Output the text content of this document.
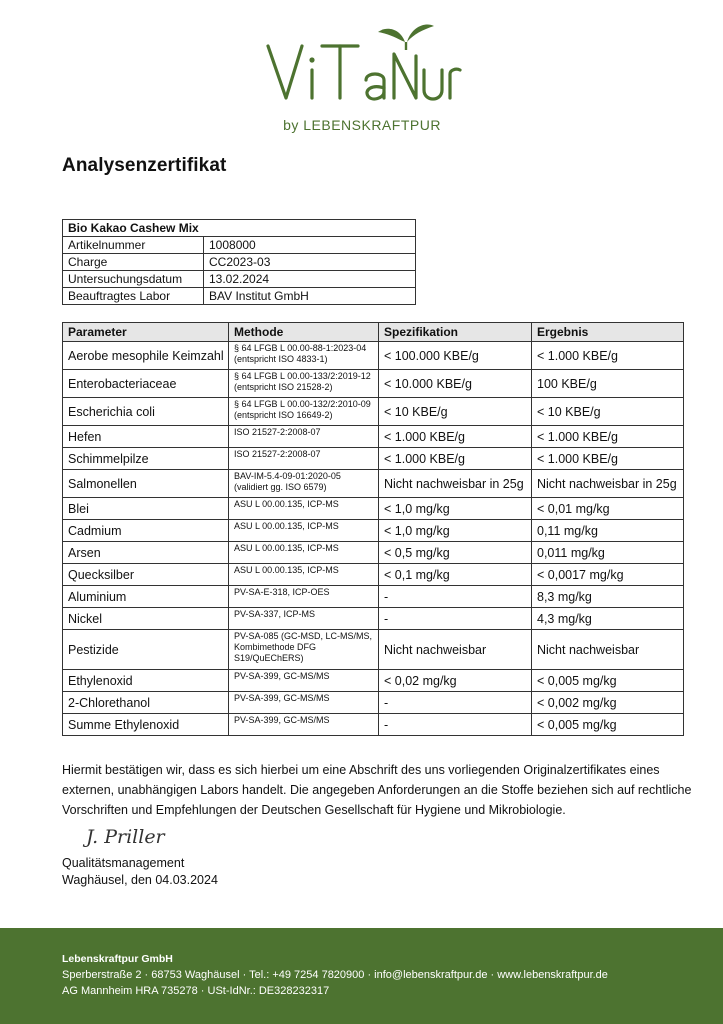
by LEBENSKRAFTPUR
Analysenzertifikat
Bio Kakao Cashew Mix	
Artikelnummer	1008000
Charge	CC2023-03
Untersuchungsdatum	13.02.2024
Beauftragtes Labor	BAV Institut GmbH
Parameter	Methode	Spezifikation	Ergebnis
Aerobe mesophile Keimzahl	§ 64 LFGB L 00.00-88-1:2023-04 (entspricht ISO 4833-1)	< 100.000 KBE/g	< 1.000 KBE/g
Enterobacteriaceae	§ 64 LFGB L 00.00-133/2:2019-12 (entspricht ISO 21528-2)	< 10.000 KBE/g	100 KBE/g
Escherichia coli	§ 64 LFGB L 00.00-132/2:2010-09 (entspricht ISO 16649-2)	< 10 KBE/g	< 10 KBE/g
Hefen	ISO 21527-2:2008-07	< 1.000 KBE/g	< 1.000 KBE/g
Schimmelpilze	ISO 21527-2:2008-07	< 1.000 KBE/g	< 1.000 KBE/g
Salmonellen	BAV-IM-5.4-09-01:2020-05 (validiert gg. ISO 6579)	Nicht nachweisbar in 25g	Nicht nachweisbar in 25g
Blei	ASU L 00.00.135, ICP-MS	< 1,0 mg/kg	< 0,01 mg/kg
Cadmium	ASU L 00.00.135, ICP-MS	< 1,0 mg/kg	0,11 mg/kg
Arsen	ASU L 00.00.135, ICP-MS	< 0,5 mg/kg	0,011 mg/kg
Quecksilber	ASU L 00.00.135, ICP-MS	< 0,1 mg/kg	< 0,0017 mg/kg
Aluminium	PV-SA-E-318, ICP-OES	-	8,3 mg/kg
Nickel	PV-SA-337, ICP-MS	-	4,3 mg/kg
Pestizide	PV-SA-085 (GC-MSD, LC-MS/MS, Kombimethode DFG S19/QuEChERS)	Nicht nachweisbar	Nicht nachweisbar
Ethylenoxid	PV-SA-399, GC-MS/MS	< 0,02 mg/kg	< 0,005 mg/kg
2-Chlorethanol	PV-SA-399, GC-MS/MS	-	< 0,002 mg/kg
Summe Ethylenoxid	PV-SA-399, GC-MS/MS	-	< 0,005 mg/kg
Hiermit bestätigen wir, dass es sich hierbei um eine Abschrift des uns vorliegenden Originalzertifikates eines externen, unabhängigen Labors handelt. Die angegeben Anforderungen an die Stoffe beziehen sich auf rechtliche Vorschriften und Empfehlungen der Deutschen Gesellschaft für Hygiene und Mikrobiologie.
J. Priller
Qualitätsmanagement
Waghäusel, den 04.03.2024
Lebenskraftpur GmbH
Sperberstraße 2 · 68753 Waghäusel · Tel.: +49 7254 7820900 · info@lebenskraftpur.de · www.lebenskraftpur.de
AG Mannheim HRA 735278 · USt-IdNr.: DE328232317
